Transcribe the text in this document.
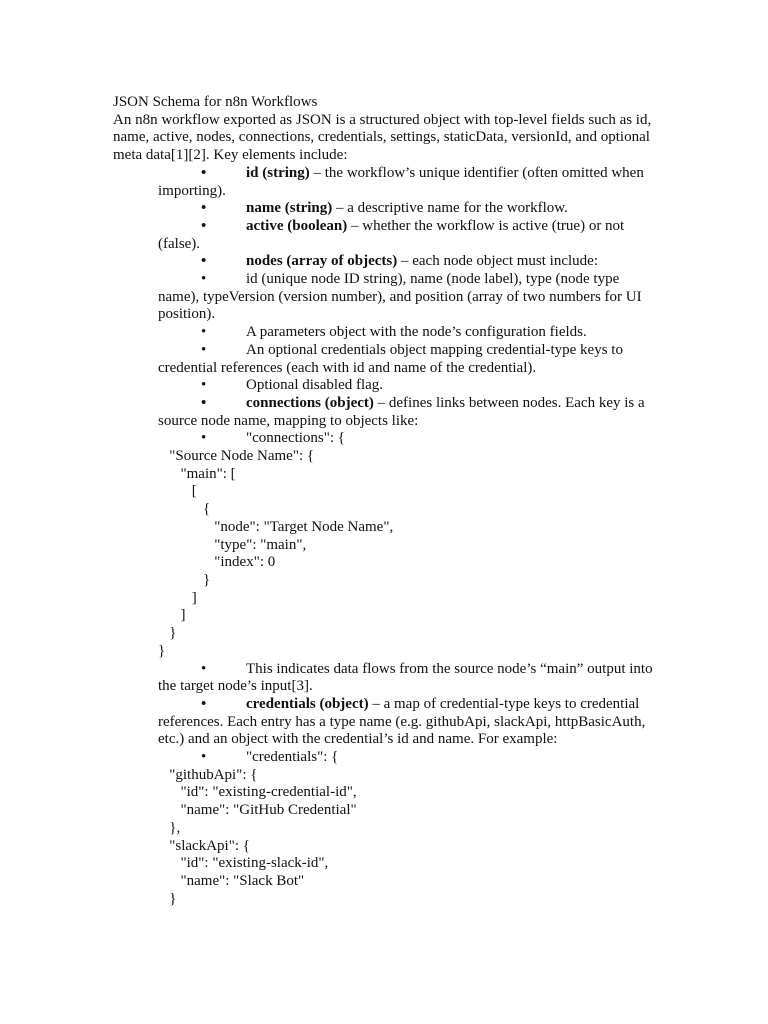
JSON Schema for n8n Workflows
An n8n workflow exported as JSON is a structured object with top-level fields such as id,
name, active, nodes, connections, credentials, settings, staticData, versionId, and optional
meta data[1][2]. Key elements include:
•	id (string) – the workflow’s unique identifier (often omitted when
importing).
•	name (string) – a descriptive name for the workflow.
•	active (boolean) – whether the workflow is active (true) or not
(false).
•	nodes (array of objects) – each node object must include:
•	id (unique node ID string), name (node label), type (node type
name), typeVersion (version number), and position (array of two numbers for UI
position).
•	A parameters object with the node’s configuration fields.
•	An optional credentials object mapping credential-type keys to
credential references (each with id and name of the credential).
•	Optional disabled flag.
•	connections (object) – defines links between nodes. Each key is a
source node name, mapping to objects like:
•	"connections": {
"Source Node Name": {
"main": [
[
{
"node": "Target Node Name",
"type": "main",
"index": 0
}
]
]
}
}
•	This indicates data flows from the source node’s “main” output into
the target node’s input[3].
•	credentials (object) – a map of credential-type keys to credential
references. Each entry has a type name (e.g. githubApi, slackApi, httpBasicAuth,
etc.) and an object with the credential’s id and name. For example:
•	"credentials": {
"githubApi": {
"id": "existing-credential-id",
"name": "GitHub Credential"
},
"slackApi": {
"id": "existing-slack-id",
"name": "Slack Bot"
}
